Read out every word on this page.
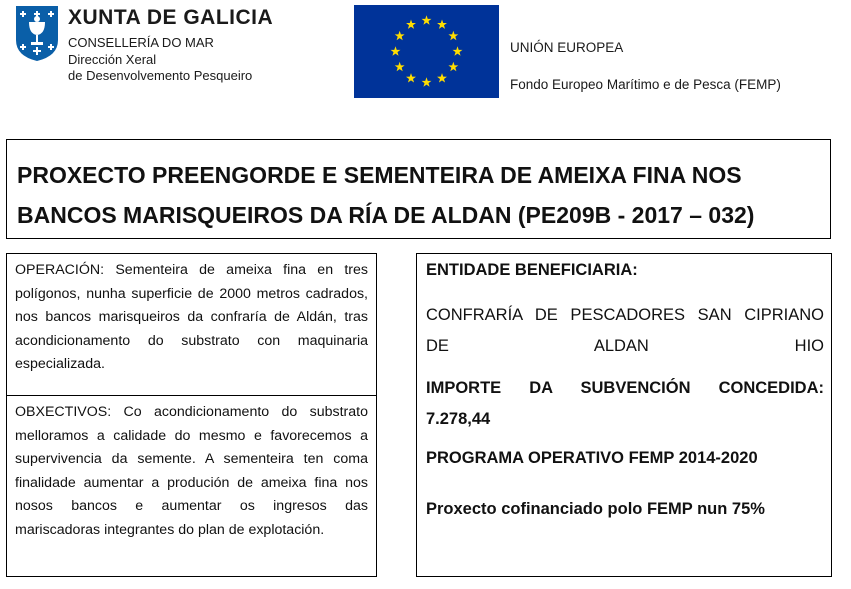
XUNTA DE GALICIA
CONSELLERÍA DO MAR
Dirección Xeral
de Desenvolvemento Pesqueiro
UNIÓN EUROPEA
Fondo Europeo Marítimo e de Pesca (FEMP)
PROXECTO PREENGORDE E SEMENTEIRA DE AMEIXA FINA NOS
BANCOS MARISQUEIROS DA RÍA DE ALDAN (PE209B - 2017 – 032)

OPERACIÓN: Sementeira de ameixa fina en tres polígonos, nunha superficie de 2000 metros cadrados, nos bancos marisqueiros da confraría de Aldán, tras acondicionamento do substrato con maquinaria especializada.

OBXECTIVOS: Co acondicionamento do substrato melloramos a calidade do mesmo e favorecemos a supervivencia da semente. A sementeira ten coma finalidade aumentar a produción de ameixa fina nos nosos bancos e aumentar os ingresos das mariscadoras integrantes do plan de explotación.

ENTIDADE BENEFICIARIA:
CONFRARÍA DE PESCADORES SAN CIPRIANO
DE ALDAN HIO
IMPORTE DA SUBVENCIÓN CONCEDIDA:
7.278,44
PROGRAMA OPERATIVO FEMP 2014-2020
Proxecto cofinanciado polo FEMP nun 75%
